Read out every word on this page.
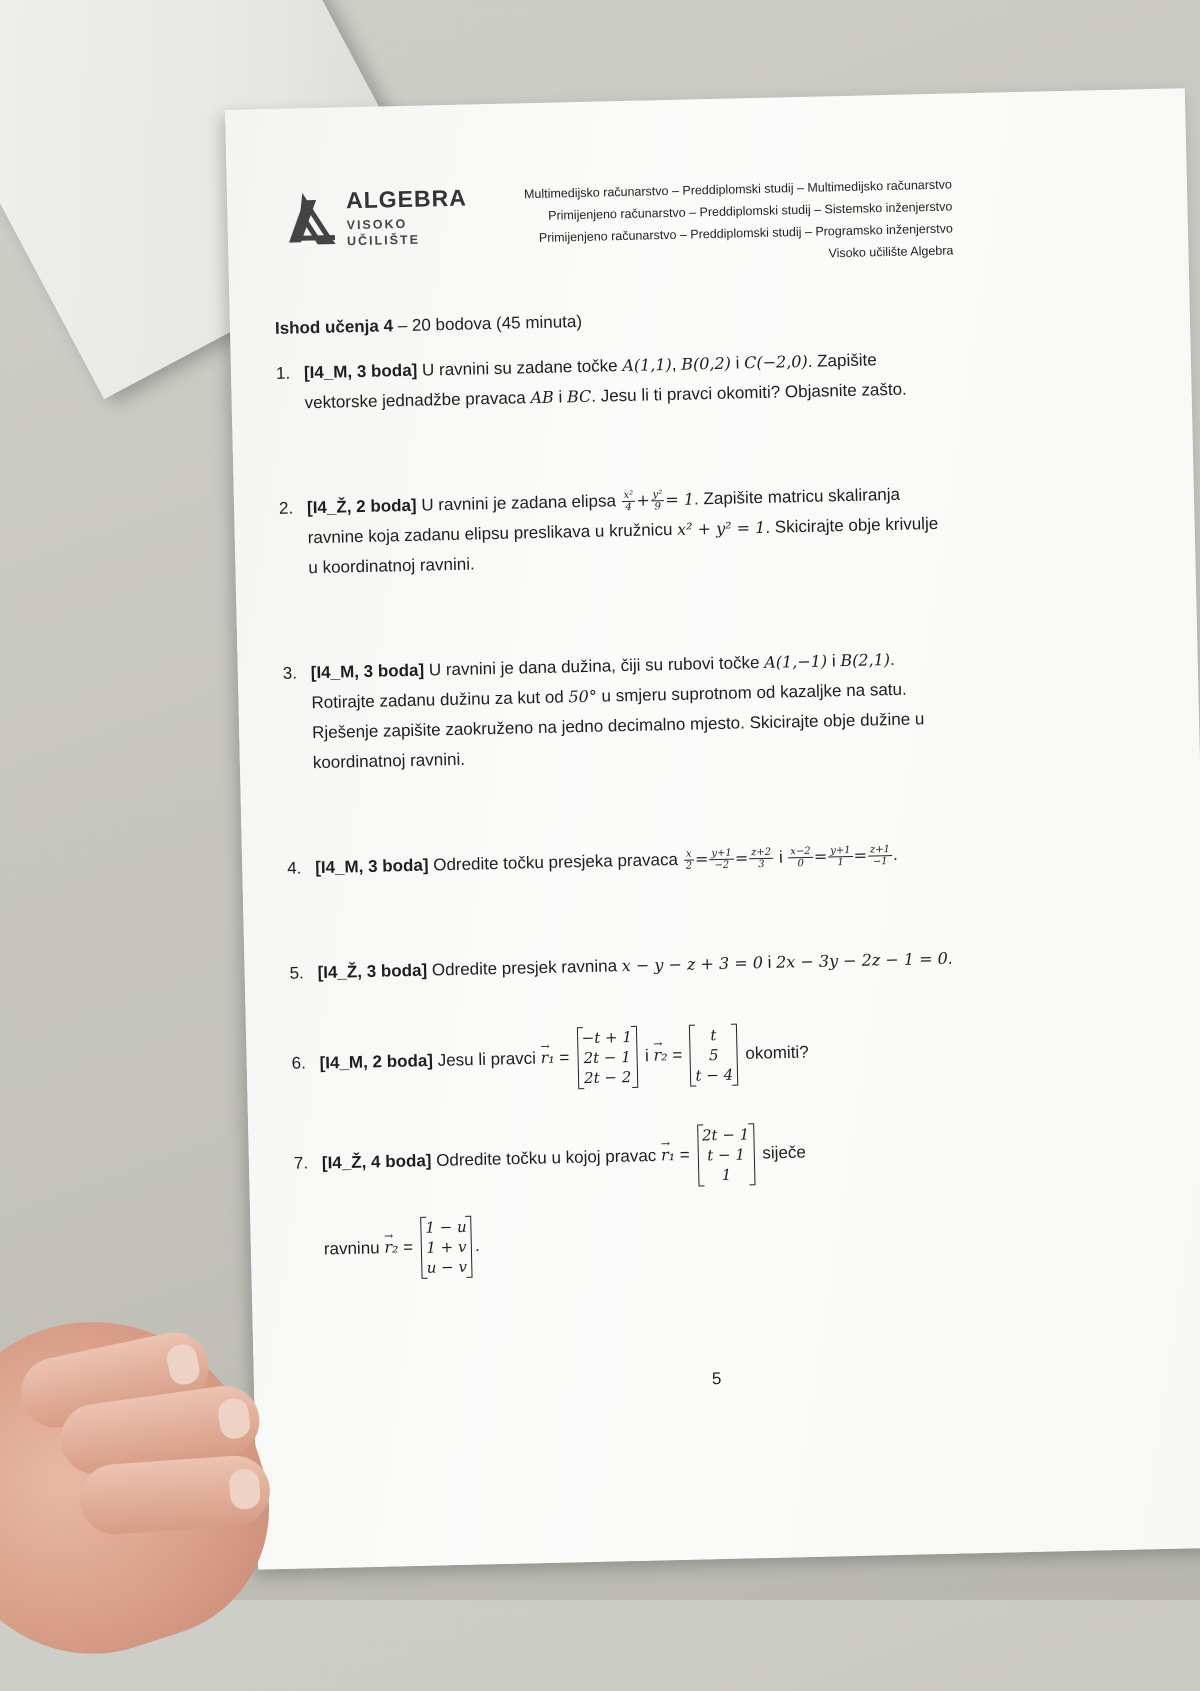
ALGEBRA
VISOKO
UČILIŠTE
Multimedijsko računarstvo – Preddiplomski studij – Multimedijsko računarstvo
Primijenjeno računarstvo – Preddiplomski studij – Sistemsko inženjerstvo
Primijenjeno računarstvo – Preddiplomski studij – Programsko inženjerstvo
Visoko učilište Algebra
Ishod učenja 4 – 20 bodova (45 minuta)
1. [I4_M, 3 boda] U ravnini su zadane točke A(1,1), B(0,2) i C(−2,0). Zapišite
vektorske jednadžbe pravaca AB i BC. Jesu li ti pravci okomiti? Objasnite zašto.
2. [I4_Ž, 2 boda] U ravnini je zadana elipsa $\frac{\text{x²}}{4} + \frac{\text{y²}}{9} = 1$. Zapišite matricu skaliranja
ravnine koja zadanu elipsu preslikava u kružnicu x² + y² = 1. Skicirajte obje krivulje
u koordinatnoj ravnini.
3. [I4_M, 3 boda] U ravnini je dana dužina, čiji su rubovi točke A(1,−1) i B(2,1).
Rotirajte zadanu dužinu za kut od 50° u smjeru suprotnom od kazaljke na satu.
Rješenje zapišite zaokruženo na jedno decimalno mjesto. Skicirajte obje dužine u
koordinatnoj ravnini.
4. [I4_M, 3 boda] Odredite točku presjeka pravaca $\frac{x}{2} = \frac{y+1}{-2} = \frac{z+2}{3}$ i $\frac{x-2}{0} = \frac{y+1}{1} = \frac{z+1}{-1}$ .
5. [I4_Ž, 3 boda] Odredite presjek ravnina x − y − z + 3 = 0 i 2x − 3y − 2z − 1 = 0.
6. [I4_M, 2 boda] Jesu li pravci → r₁ =
−t + 1
2t − 1
2t − 2
i → r₂ =
t
5
t − 4
okomiti?
7. [I4_Ž, 4 boda] Odredite točku u kojoj pravac → r₁ =
2t − 1
t − 1
1
siječe
ravninu → r₂ =
1 − u
1 + v
u − v
.
5
